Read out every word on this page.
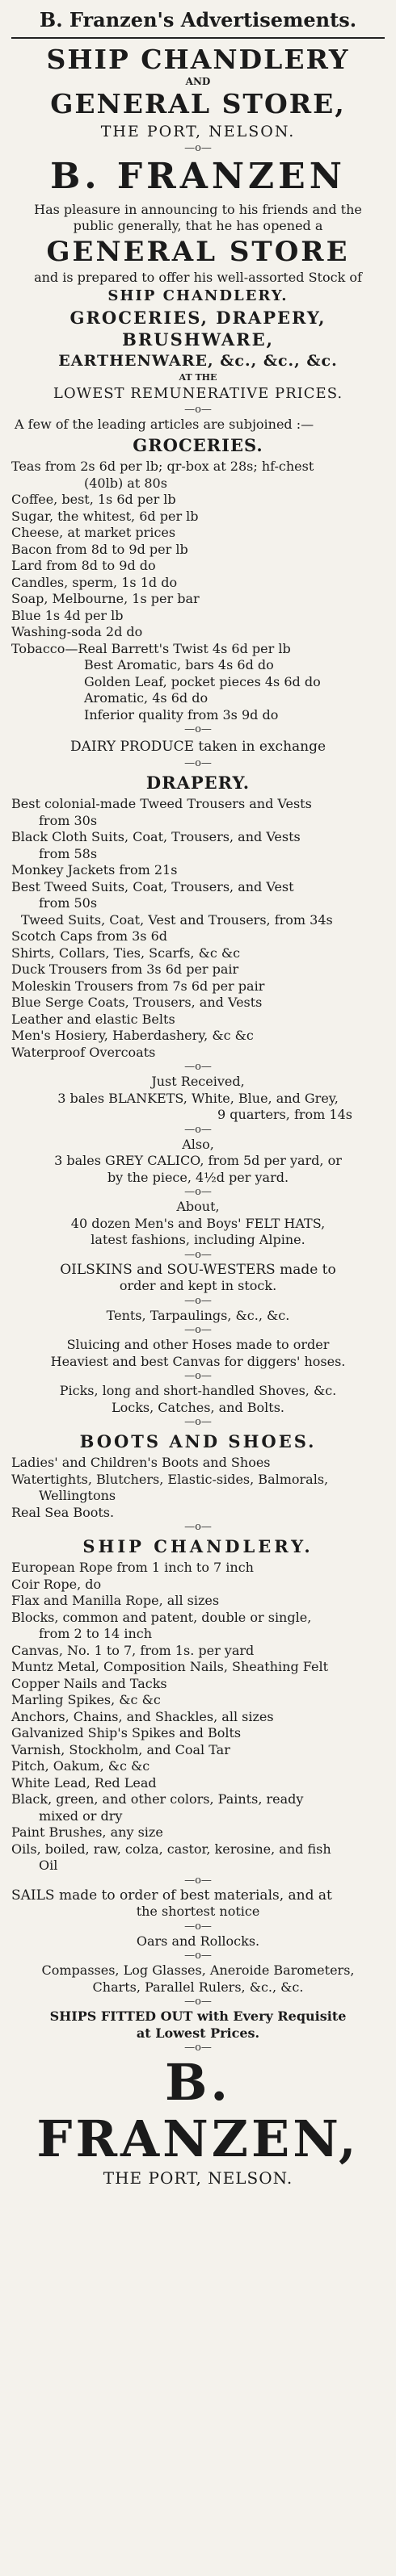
B. Franzen's Advertisements.
SHIP CHANDLERY
AND
GENERAL STORE,
THE PORT, NELSON.
—o—
B. FRANZEN
Has pleasure in announcing to his friends and the public generally, that he has opened a
GENERAL STORE
and is prepared to offer his well-assorted Stock of
SHIP CHANDLERY.
GROCERIES, DRAPERY,
BRUSHWARE,
EARTHENWARE, &c., &c., &c.
AT THE
LOWEST REMUNERATIVE PRICES.
—o—
A few of the leading articles are subjoined :—
GROCERIES.
Teas from 2s 6d per lb; qr-box at 28s; hf-chest
(40lb) at 80s
Coffee, best, 1s 6d per lb
Sugar, the whitest, 6d per lb
Cheese, at market prices
Bacon from 8d to 9d per lb
Lard from 8d to 9d do
Candles, sperm, 1s 1d do
Soap, Melbourne, 1s per bar
Blue 1s 4d per lb
Washing-soda 2d do
Tobacco—Real Barrett's Twist 4s 6d per lb
Best Aromatic, bars 4s 6d do
Golden Leaf, pocket pieces 4s 6d do
Aromatic, 4s 6d do
Inferior quality from 3s 9d do
—o—
DAIRY PRODUCE taken in exchange
—o—
DRAPERY.
Best colonial-made Tweed Trousers and Vests
from 30s
Black Cloth Suits, Coat, Trousers, and Vests
from 58s
Monkey Jackets from 21s
Best Tweed Suits, Coat, Trousers, and Vest
from 50s
Tweed Suits, Coat, Vest and Trousers, from 34s
Scotch Caps from 3s 6d
Shirts, Collars, Ties, Scarfs, &c &c
Duck Trousers from 3s 6d per pair
Moleskin Trousers from 7s 6d per pair
Blue Serge Coats, Trousers, and Vests
Leather and elastic Belts
Men's Hosiery, Haberdashery, &c &c
Waterproof Overcoats
—o—
Just Received,
3 bales BLANKETS, White, Blue, and Grey,
9 quarters, from 14s
—o—
Also,
3 bales GREY CALICO, from 5d per yard, or
by the piece, 4½d per yard.
—o—
About,
40 dozen Men's and Boys' FELT HATS,
latest fashions, including Alpine.
—o—
OILSKINS and SOU-WESTERS made to
order and kept in stock.
—o—
Tents, Tarpaulings, &c., &c.
—o—
Sluicing and other Hoses made to order
Heaviest and best Canvas for diggers' hoses.
—o—
Picks, long and short-handled Shoves, &c.
Locks, Catches, and Bolts.
—o—
BOOTS AND SHOES.
Ladies' and Children's Boots and Shoes
Watertights, Blutchers, Elastic-sides, Balmorals,
Wellingtons
Real Sea Boots.
—o—
SHIP CHANDLERY.
European Rope from 1 inch to 7 inch
Coir Rope, do
Flax and Manilla Rope, all sizes
Blocks, common and patent, double or single,
from 2 to 14 inch
Canvas, No. 1 to 7, from 1s. per yard
Muntz Metal, Composition Nails, Sheathing Felt
Copper Nails and Tacks
Marling Spikes, &c &c
Anchors, Chains, and Shackles, all sizes
Galvanized Ship's Spikes and Bolts
Varnish, Stockholm, and Coal Tar
Pitch, Oakum, &c &c
White Lead, Red Lead
Black, green, and other colors, Paints, ready
mixed or dry
Paint Brushes, any size
Oils, boiled, raw, colza, castor, kerosine, and fish
Oil
—o—
SAILS made to order of best materials, and at
the shortest notice
—o—
Oars and Rollocks.
—o—
Compasses, Log Glasses, Aneroide Barometers,
Charts, Parallel Rulers, &c., &c.
—o—
SHIPS FITTED OUT with Every Requisite
at Lowest Prices.
—o—
B. FRANZEN,
THE PORT, NELSON.
